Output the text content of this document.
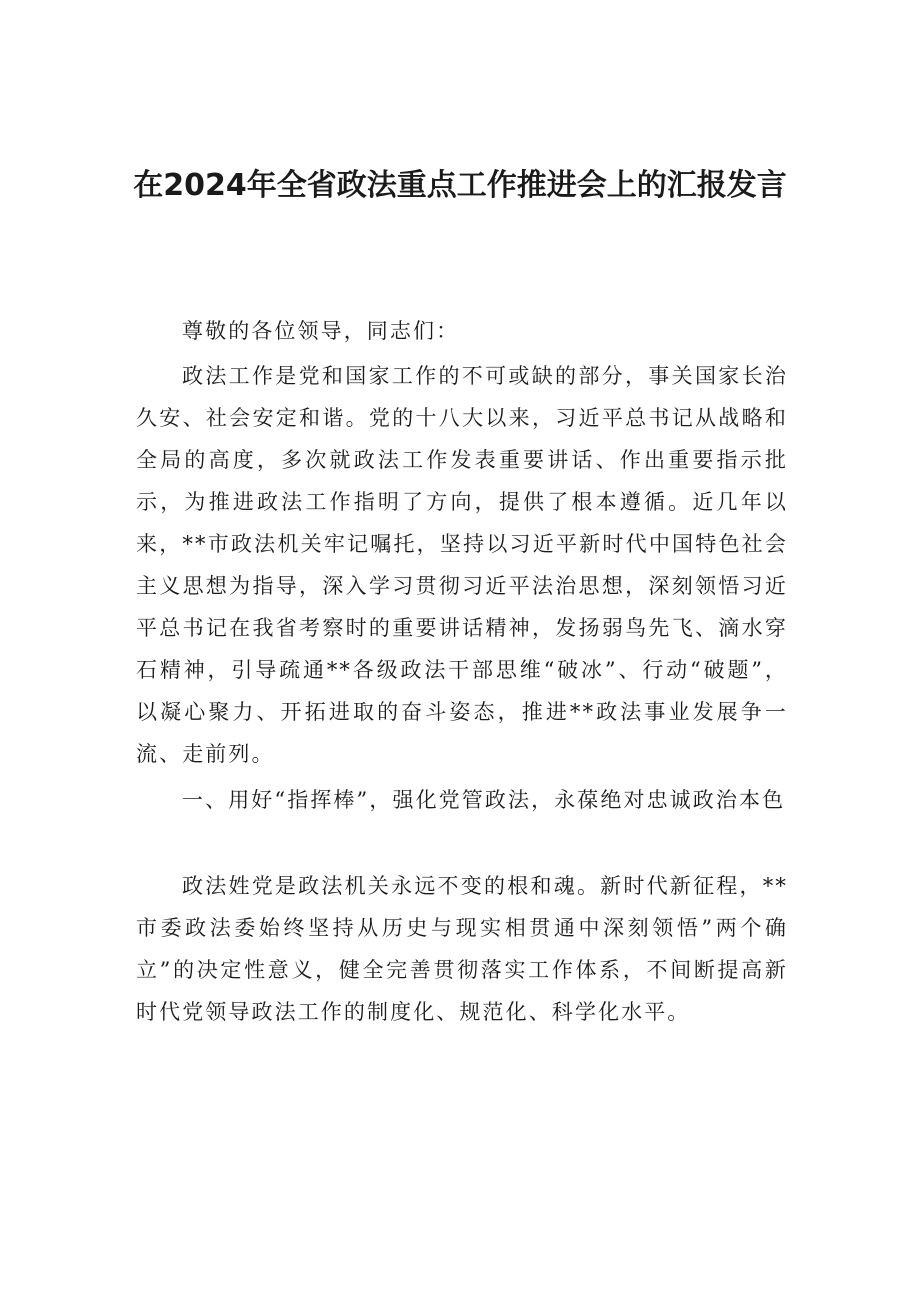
在2024年全省政法重点工作推进会上的汇报发言

尊敬的各位领导，同志们：

政法工作是党和国家工作的不可或缺的部分，事关国家长治久安、社会安定和谐。党的十八大以来，习近平总书记从战略和全局的高度，多次就政法工作发表重要讲话、作出重要指示批示，为推进政法工作指明了方向，提供了根本遵循。近几年以来，**市政法机关牢记嘱托，坚持以习近平新时代中国特色社会主义思想为指导，深入学习贯彻习近平法治思想，深刻领悟习近平总书记在我省考察时的重要讲话精神，发扬弱鸟先飞、滴水穿石精神，引导疏通**各级政法干部思维“破冰”、行动“破题”，以凝心聚力、开拓进取的奋斗姿态，推进**政法事业发展争一流、走前列。

一、用好“指挥棒”，强化党管政法，永葆绝对忠诚政治本色

政法姓党是政法机关永远不变的根和魂。新时代新征程，**市委政法委始终坚持从历史与现实相贯通中深刻领悟”两个确立”的决定性意义，健全完善贯彻落实工作体系，不间断提高新时代党领导政法工作的制度化、规范化、科学化水平。
